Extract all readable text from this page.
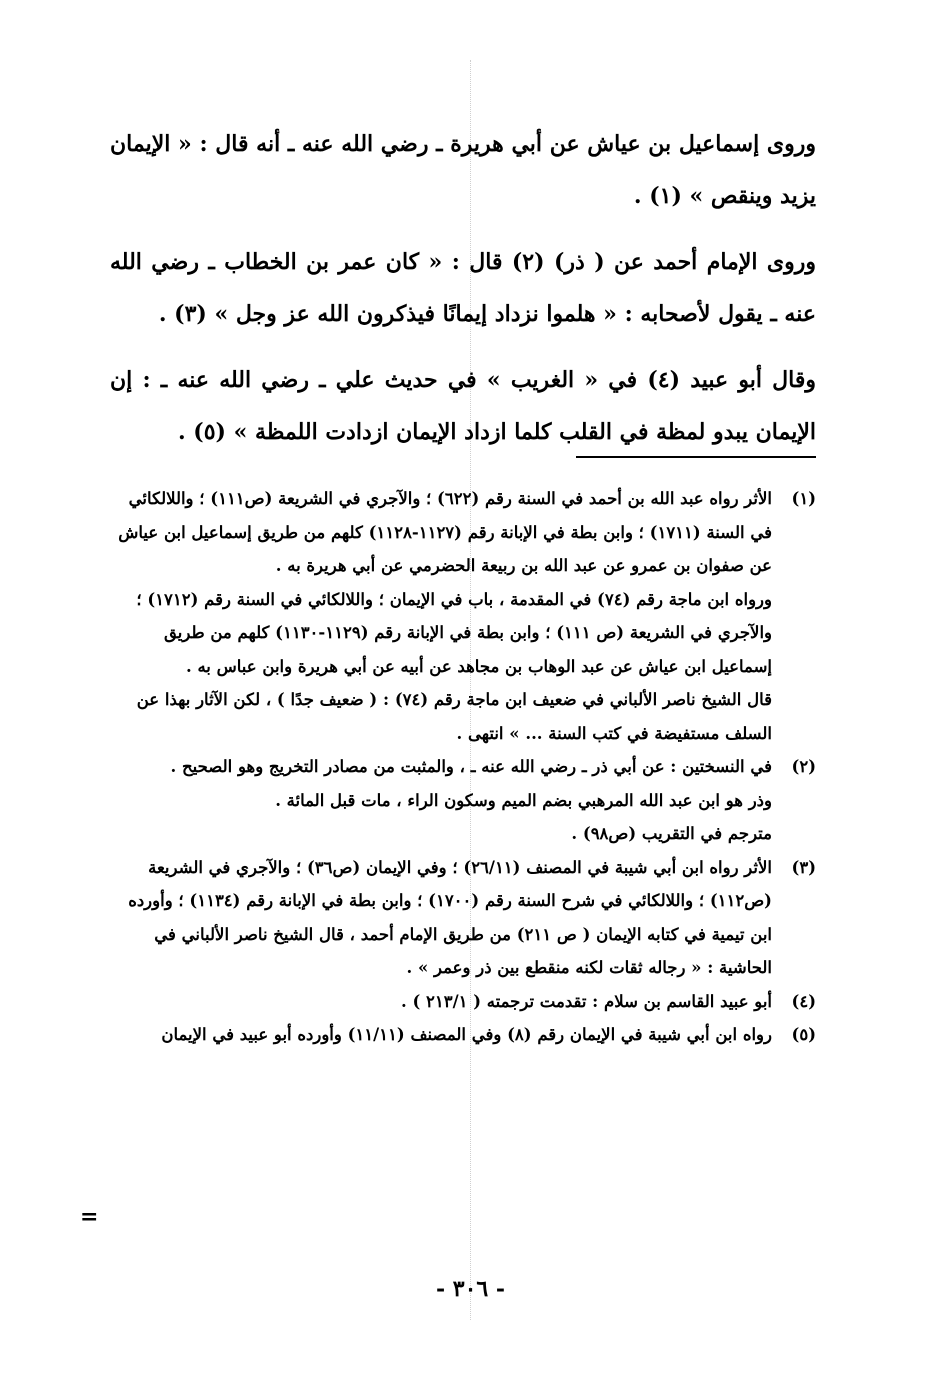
وروى إسماعيل بن عياش عن أبي هريرة ـ رضي الله عنه ـ أنه قال : « الإيمان يزيد وينقص » (١) .

وروى الإمام أحمد عن ( ذر) (٢) قال : « كان عمر بن الخطاب ـ رضي الله عنه ـ يقول لأصحابه : « هلموا نزداد إيمانًا فيذكرون الله عز وجل » (٣) .

وقال أبو عبيد (٤) في « الغريب » في حديث علي ـ رضي الله عنه ـ : إن الإيمان يبدو لمظة في القلب كلما ازداد الإيمان ازدادت اللمظة » (٥) .

(١)

الأثر رواه عبد الله بن أحمد في السنة رقم (٦٢٢) ؛ والآجري في الشريعة (ص١١١) ؛ واللالكائي في السنة (١٧١١) ؛ وابن بطة في الإبانة رقم (١١٢٧-١١٢٨) كلهم من طريق إسماعيل ابن عياش عن صفوان بن عمرو عن عبد الله بن ربيعة الحضرمي عن أبي هريرة به .

ورواه ابن ماجة رقم (٧٤) في المقدمة ، باب في الإيمان ؛ واللالكائي في السنة رقم (١٧١٢) ؛ والآجري في الشريعة (ص ١١١) ؛ وابن بطة في الإبانة رقم (١١٢٩-١١٣٠) كلهم من طريق إسماعيل ابن عياش عن عبد الوهاب بن مجاهد عن أبيه عن أبي هريرة وابن عباس به .

قال الشيخ ناصر الألباني في ضعيف ابن ماجة رقم (٧٤) : ( ضعيف جدًا ) ، لكن الآثار بهذا عن السلف مستفيضة في كتب السنة ... » انتهى .

(٢)

في النسختين : عن أبي ذر ـ رضي الله عنه ـ ، والمثبت من مصادر التخريج وهو الصحيح .

وذر هو ابن عبد الله المرهبي بضم الميم وسكون الراء ، مات قبل المائة .

مترجم في التقريب (ص٩٨) .

(٣)

الأثر رواه ابن أبي شيبة في المصنف (٢٦/١١) ؛ وفي الإيمان (ص٣٦) ؛ والآجري في الشريعة (ص١١٢) ؛ واللالكائي في شرح السنة رقم (١٧٠٠) ؛ وابن بطة في الإبانة رقم (١١٣٤) ؛ وأورده ابن تيمية في كتابه الإيمان ( ص ٢١١) من طريق الإمام أحمد ، قال الشيخ ناصر الألباني في الحاشية : « رجاله ثقات لكنه منقطع بين ذر وعمر » .

(٤)

أبو عبيد القاسم بن سلام : تقدمت ترجمته ( ٢١٣/١ ) .

(٥)

رواه ابن أبي شيبة في الإيمان رقم (٨) وفي المصنف (١١/١١) وأورده أبو عبيد في الإيمان

=
- ٣٠٦ -
